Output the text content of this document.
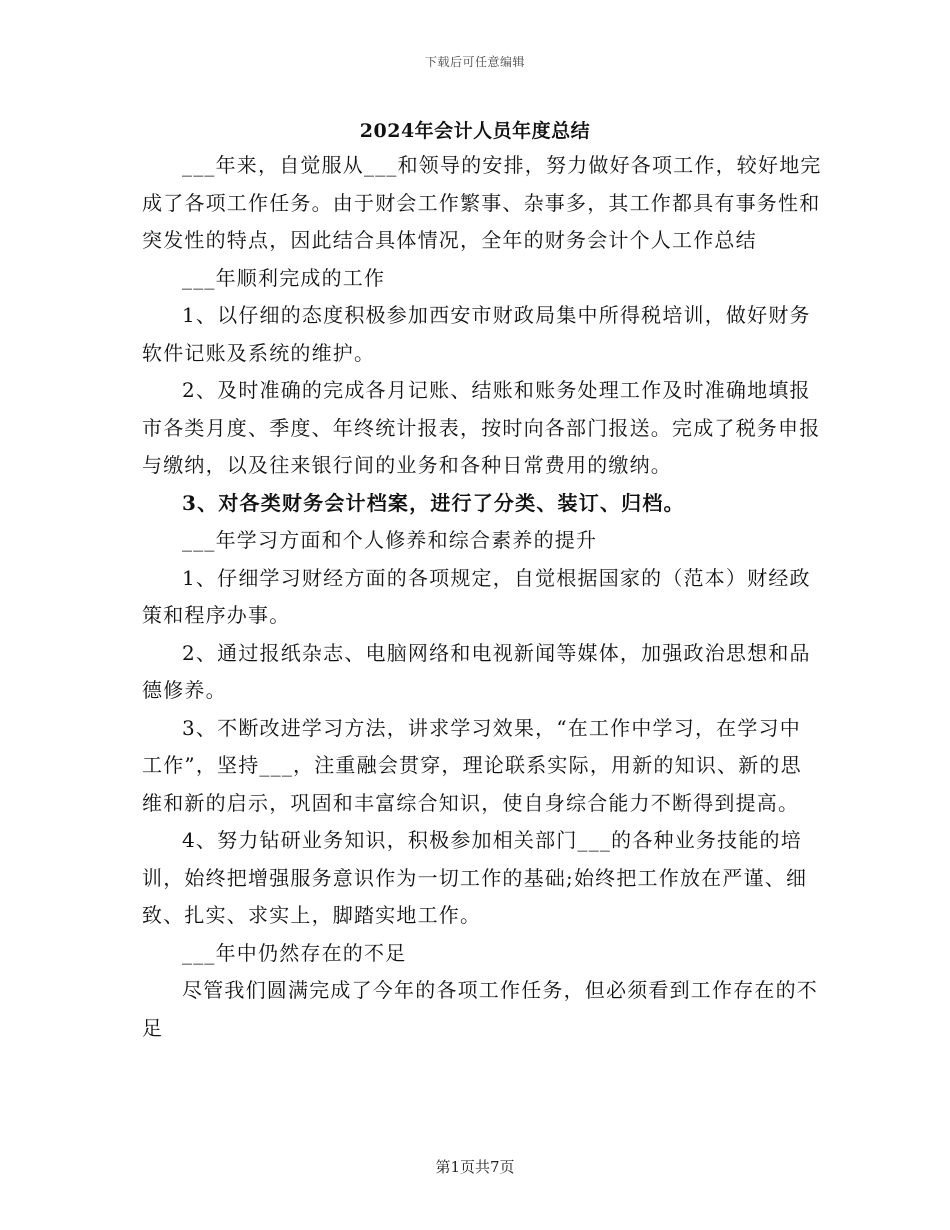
下载后可任意编辑
2024年会计人员年度总结

___年来，自觉服从___和领导的安排，努力做好各项工作，较好地完成了各项工作任务。由于财会工作繁事、杂事多，其工作都具有事务性和突发性的特点，因此结合具体情况，全年的财务会计个人工作总结

___年顺利完成的工作

1、以仔细的态度积极参加西安市财政局集中所得税培训，做好财务软件记账及系统的维护。

2、及时准确的完成各月记账、结账和账务处理工作及时准确地填报市各类月度、季度、年终统计报表，按时向各部门报送。完成了税务申报与缴纳，以及往来银行间的业务和各种日常费用的缴纳。

3、对各类财务会计档案，进行了分类、装订、归档。

___年学习方面和个人修养和综合素养的提升

1、仔细学习财经方面的各项规定，自觉根据国家的（范本）财经政策和程序办事。

2、通过报纸杂志、电脑网络和电视新闻等媒体，加强政治思想和品德修养。

3、不断改进学习方法，讲求学习效果，“在工作中学习，在学习中工作”，坚持___，注重融会贯穿，理论联系实际，用新的知识、新的思维和新的启示，巩固和丰富综合知识，使自身综合能力不断得到提高。

4、努力钻研业务知识，积极参加相关部门___的各种业务技能的培训，始终把增强服务意识作为一切工作的基础;始终把工作放在严谨、细致、扎实、求实上，脚踏实地工作。

___年中仍然存在的不足

尽管我们圆满完成了今年的各项工作任务，但必须看到工作存在的不足

第1页共7页
